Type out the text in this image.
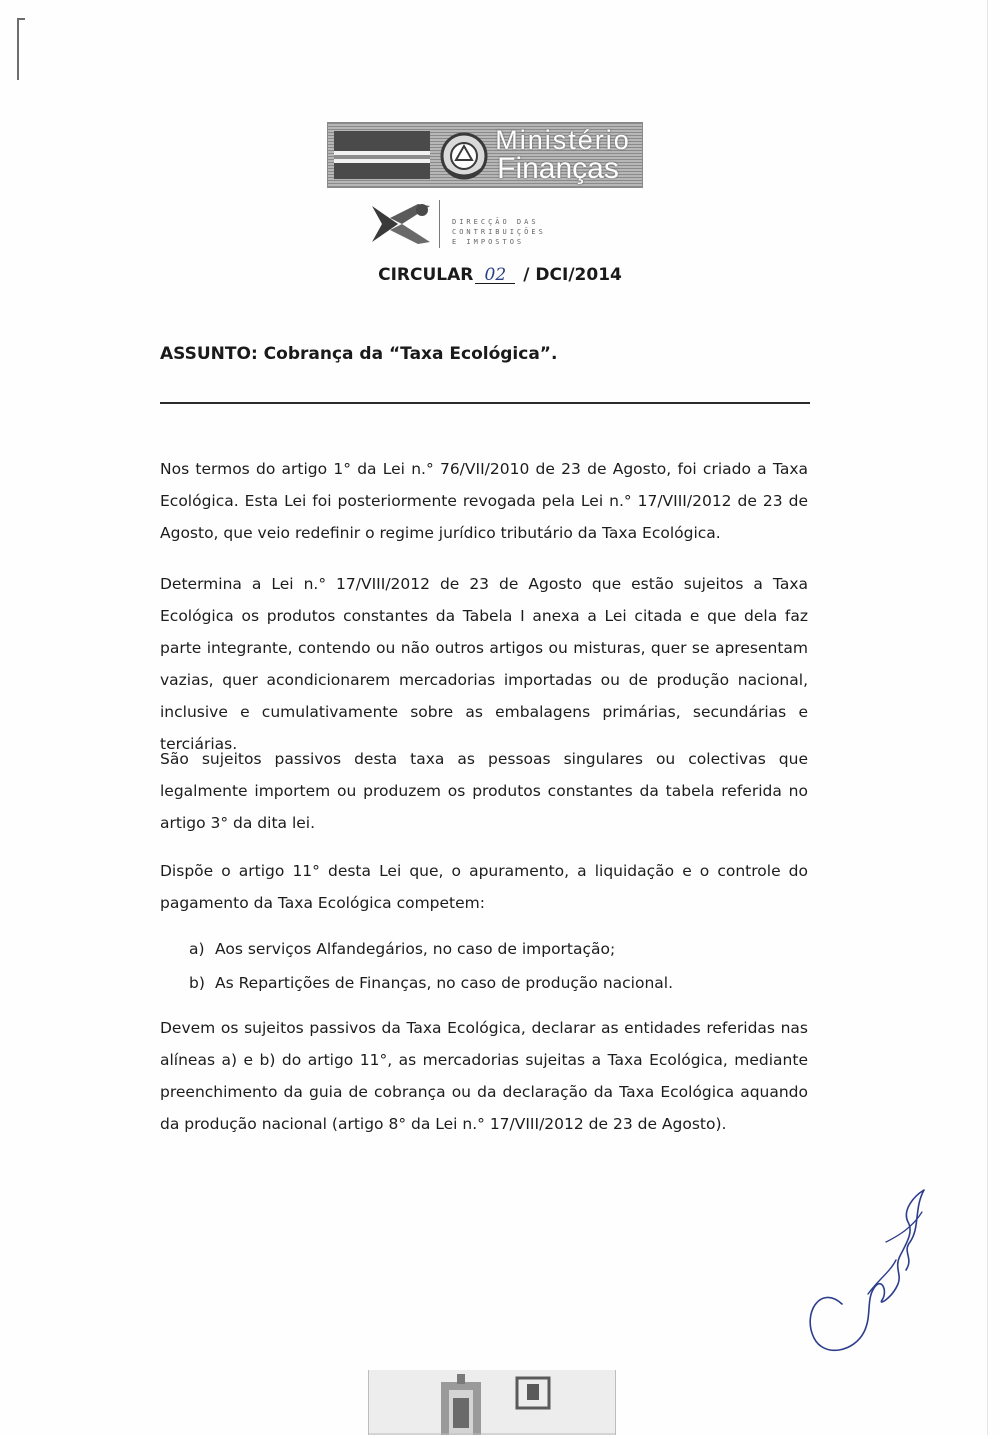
Ministério
Finanças
DIRECÇÃO DAS
CONTRIBUIÇÕES
E IMPOSTOS
CIRCULAR 02 / DCI/2014
ASSUNTO: Cobrança da “Taxa Ecológica”.
Nos termos do artigo 1° da Lei n.° 76/VII/2010 de 23 de Agosto, foi criado a Taxa Ecológica. Esta Lei foi posteriormente revogada pela Lei n.° 17/VIII/2012 de 23 de Agosto, que veio redefinir o regime jurídico tributário da Taxa Ecológica.
Determina a Lei n.° 17/VIII/2012 de 23 de Agosto que estão sujeitos a Taxa Ecológica os produtos constantes da Tabela I anexa a Lei citada e que dela faz parte integrante, contendo ou não outros artigos ou misturas, quer se apresentam vazias, quer acondicionarem mercadorias importadas ou de produção nacional, inclusive e cumulativamente sobre as embalagens primárias, secundárias e terciárias.
São sujeitos passivos desta taxa as pessoas singulares ou colectivas que legalmente importem ou produzem os produtos constantes da tabela referida no artigo 3° da dita lei.
Dispõe o artigo 11° desta Lei que, o apuramento, a liquidação e o controle do pagamento da Taxa Ecológica competem:
a) Aos serviços Alfandegários, no caso de importação;
b) As Repartições de Finanças, no caso de produção nacional.
Devem os sujeitos passivos da Taxa Ecológica, declarar as entidades referidas nas alíneas a) e b) do artigo 11°, as mercadorias sujeitas a Taxa Ecológica, mediante preenchimento da guia de cobrança ou da declaração da Taxa Ecológica aquando da produção nacional (artigo 8° da Lei n.° 17/VIII/2012 de 23 de Agosto).
